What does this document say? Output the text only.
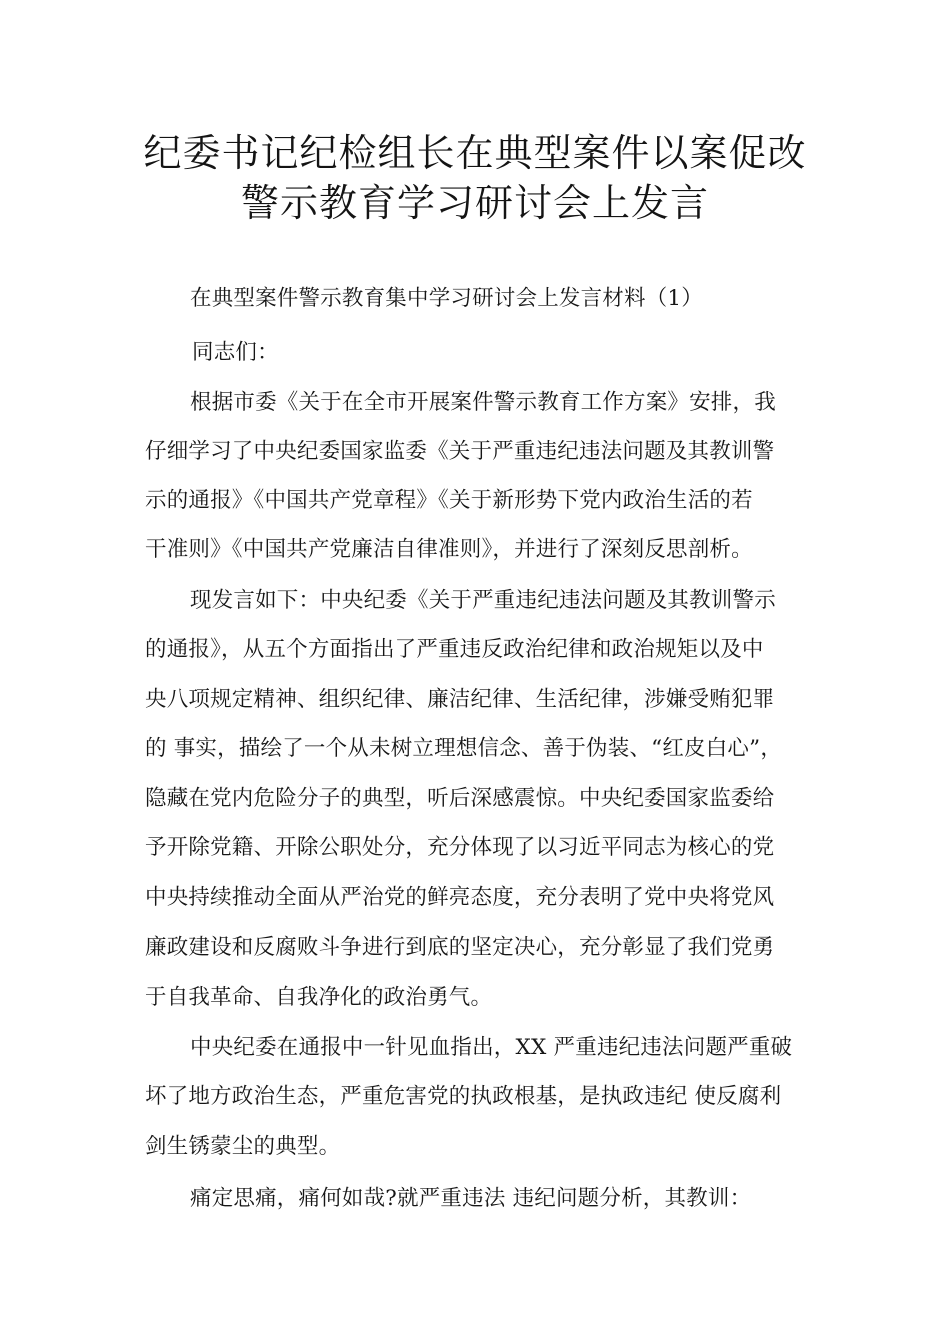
纪委书记纪检组长在典型案件以案促改
警示教育学习研讨会上发言
在典型案件警示教育集中学习研讨会上发言材料（1）
同志们：
根据市委《关于在全市开展案件警示教育工作方案》安排，我
仔细学习了中央纪委国家监委《关于严重违纪违法问题及其教训警
示的通报》《中国共产党章程》《关于新形势下党内政治生活的若
干准则》《中国共产党廉洁自律准则》，并进行了深刻反思剖析。
现发言如下：中央纪委《关于严重违纪违法问题及其教训警示
的通报》，从五个方面指出了严重违反政治纪律和政治规矩以及中
央八项规定精神、组织纪律、廉洁纪律、生活纪律，涉嫌受贿犯罪
的 事实，描绘了一个从未树立理想信念、善于伪装、“红皮白心”，
隐藏在党内危险分子的典型，听后深感震惊。中央纪委国家监委给
予开除党籍、开除公职处分，充分体现了以习近平同志为核心的党
中央持续推动全面从严治党的鲜亮态度，充分表明了党中央将党风
廉政建设和反腐败斗争进行到底的坚定决心，充分彰显了我们党勇
于自我革命、自我净化的政治勇气。
中央纪委在通报中一针见血指出，XX 严重违纪违法问题严重破
坏了地方政治生态，严重危害党的执政根基，是执政违纪 使反腐利
剑生锈蒙尘的典型。
痛定思痛，痛何如哉?就严重违法 违纪问题分析，其教训：
